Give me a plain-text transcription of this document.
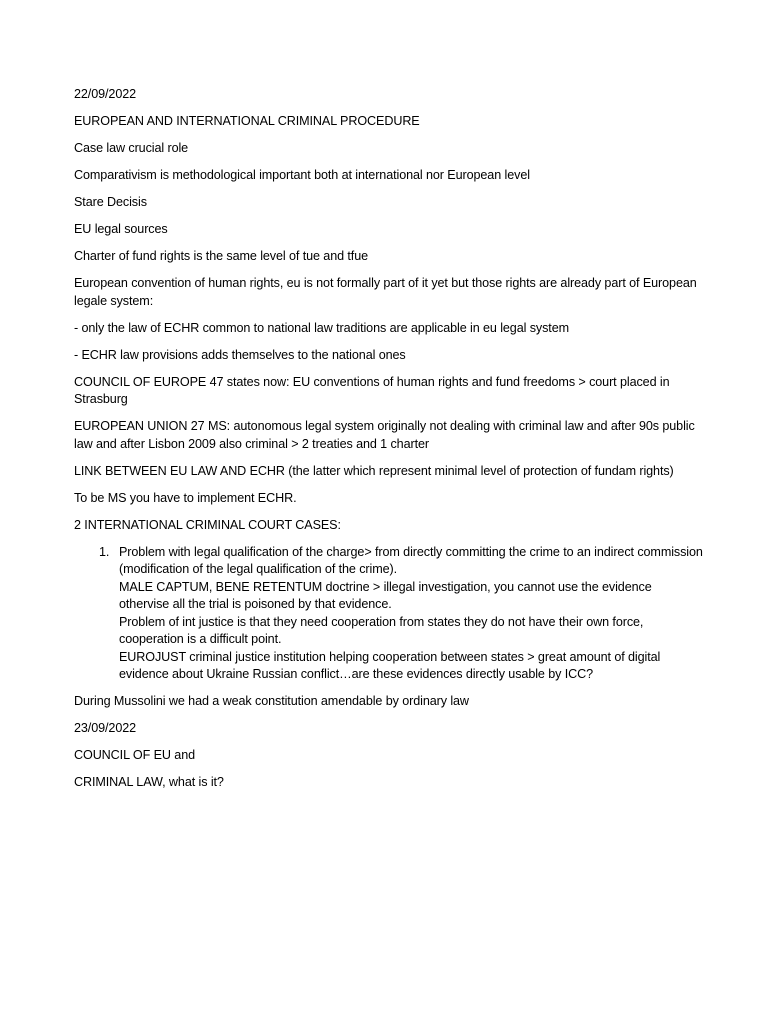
22/09/2022

EUROPEAN AND INTERNATIONAL CRIMINAL PROCEDURE

Case law crucial role

Comparativism is methodological important both at international nor European level

Stare Decisis

EU legal sources

Charter of fund rights is the same level of tue and tfue

European convention of human rights, eu is not formally part of it yet but those rights are already part of European legale system:

- only the law of ECHR common to national law traditions are applicable in eu legal system

- ECHR law provisions adds themselves to the national ones

COUNCIL OF EUROPE 47 states now: EU conventions of human rights and fund freedoms > court placed in Strasburg

EUROPEAN UNION 27 MS: autonomous legal system originally not dealing with criminal law and after 90s public law and after Lisbon 2009 also criminal > 2 treaties and 1 charter

LINK BETWEEN EU LAW AND ECHR (the latter which represent minimal level of protection of fundam rights)

To be MS you have to implement ECHR.

2 INTERNATIONAL CRIMINAL COURT CASES:

1. Problem with legal qualification of the charge> from directly committing the crime to an indirect commission (modification of the legal qualification of the crime).
MALE CAPTUM, BENE RETENTUM doctrine > illegal investigation, you cannot use the evidence othervise all the trial is poisoned by that evidence.
Problem of int justice is that they need cooperation from states they do not have their own force, cooperation is a difficult point.
EUROJUST criminal justice institution helping cooperation between states > great amount of digital evidence about Ukraine Russian conflict…are these evidences directly usable by ICC?

During Mussolini we had a weak constitution amendable by ordinary law

23/09/2022

COUNCIL OF EU and

CRIMINAL LAW, what is it?
